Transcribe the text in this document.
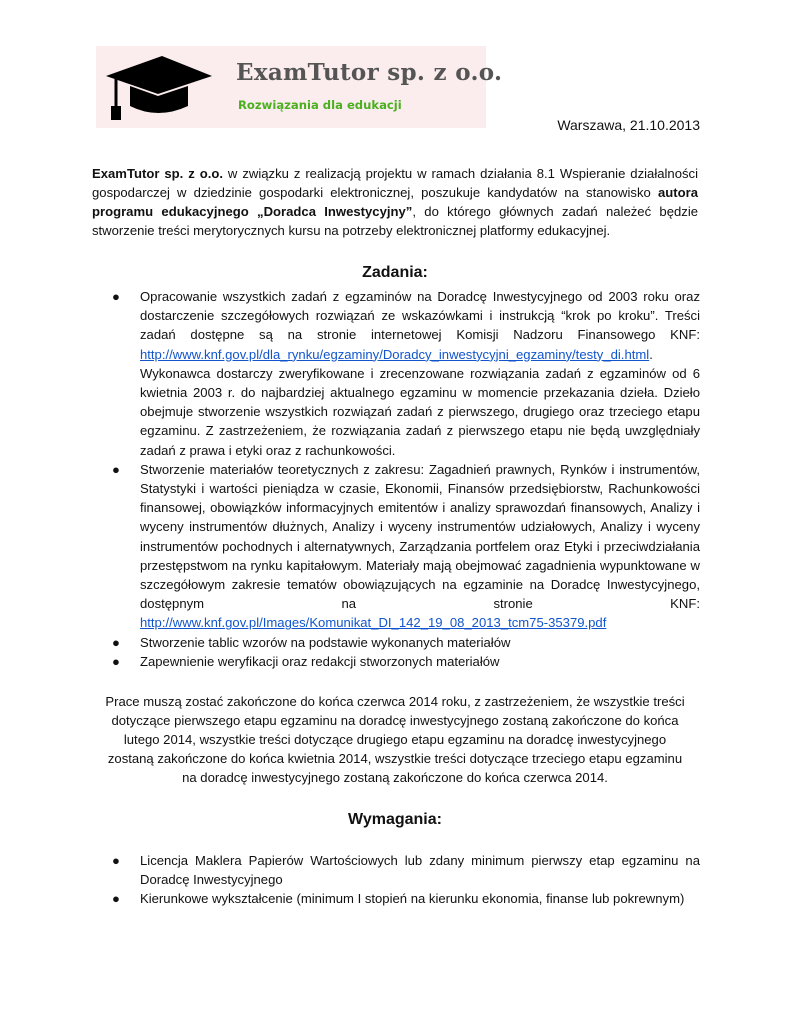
ExamTutor sp. z o.o.
Rozwiązania dla edukacji
Warszawa, 21.10.2013
ExamTutor sp. z o.o. w związku z realizacją projektu w ramach działania 8.1 Wspieranie działalności gospodarczej w dziedzinie gospodarki elektronicznej, poszukuje kandydatów na stanowisko autora programu edukacyjnego „Doradca Inwestycyjny”, do którego głównych zadań należeć będzie stworzenie treści merytorycznych kursu na potrzeby elektronicznej platformy edukacyjnej.
Zadania:
● Opracowanie wszystkich zadań z egzaminów na Doradcę Inwestycyjnego od 2003 roku oraz dostarczenie szczegółowych rozwiązań ze wskazówkami i instrukcją “krok po kroku”. Treści zadań dostępne są na stronie internetowej Komisji Nadzoru Finansowego KNF: http://www.knf.gov.pl/dla_rynku/egzaminy/Doradcy_inwestycyjni_egzaminy/testy_di.html. Wykonawca dostarczy zweryfikowane i zrecenzowane rozwiązania zadań z egzaminów od 6 kwietnia 2003 r. do najbardziej aktualnego egzaminu w momencie przekazania dzieła. Dzieło obejmuje stworzenie wszystkich rozwiązań zadań z pierwszego, drugiego oraz trzeciego etapu egzaminu. Z zastrzeżeniem, że rozwiązania zadań z pierwszego etapu nie będą uwzględniały zadań z prawa i etyki oraz z rachunkowości.
● Stworzenie materiałów teoretycznych z zakresu: Zagadnień prawnych, Rynków i instrumentów, Statystyki i wartości pieniądza w czasie, Ekonomii, Finansów przedsiębiorstw, Rachunkowości finansowej, obowiązków informacyjnych emitentów i analizy sprawozdań finansowych, Analizy i wyceny instrumentów dłużnych, Analizy i wyceny instrumentów udziałowych, Analizy i wyceny instrumentów pochodnych i alternatywnych, Zarządzania portfelem oraz Etyki i przeciwdziałania przestępstwom na rynku kapitałowym. Materiały mają obejmować zagadnienia wypunktowane w szczegółowym zakresie tematów obowiązujących na egzaminie na Doradcę Inwestycyjnego, dostępnym na stronie KNF: http://www.knf.gov.pl/Images/Komunikat_DI_142_19_08_2013_tcm75-35379.pdf
● Stworzenie tablic wzorów na podstawie wykonanych materiałów
● Zapewnienie weryfikacji oraz redakcji stworzonych materiałów
Prace muszą zostać zakończone do końca czerwca 2014 roku, z zastrzeżeniem, że wszystkie treści dotyczące pierwszego etapu egzaminu na doradcę inwestycyjnego zostaną zakończone do końca lutego 2014, wszystkie treści dotyczące drugiego etapu egzaminu na doradcę inwestycyjnego zostaną zakończone do końca kwietnia 2014, wszystkie treści dotyczące trzeciego etapu egzaminu na doradcę inwestycyjnego zostaną zakończone do końca czerwca 2014.
Wymagania:
● Licencja Maklera Papierów Wartościowych lub zdany minimum pierwszy etap egzaminu na Doradcę Inwestycyjnego
● Kierunkowe wykształcenie (minimum I stopień na kierunku ekonomia, finanse lub pokrewnym)
